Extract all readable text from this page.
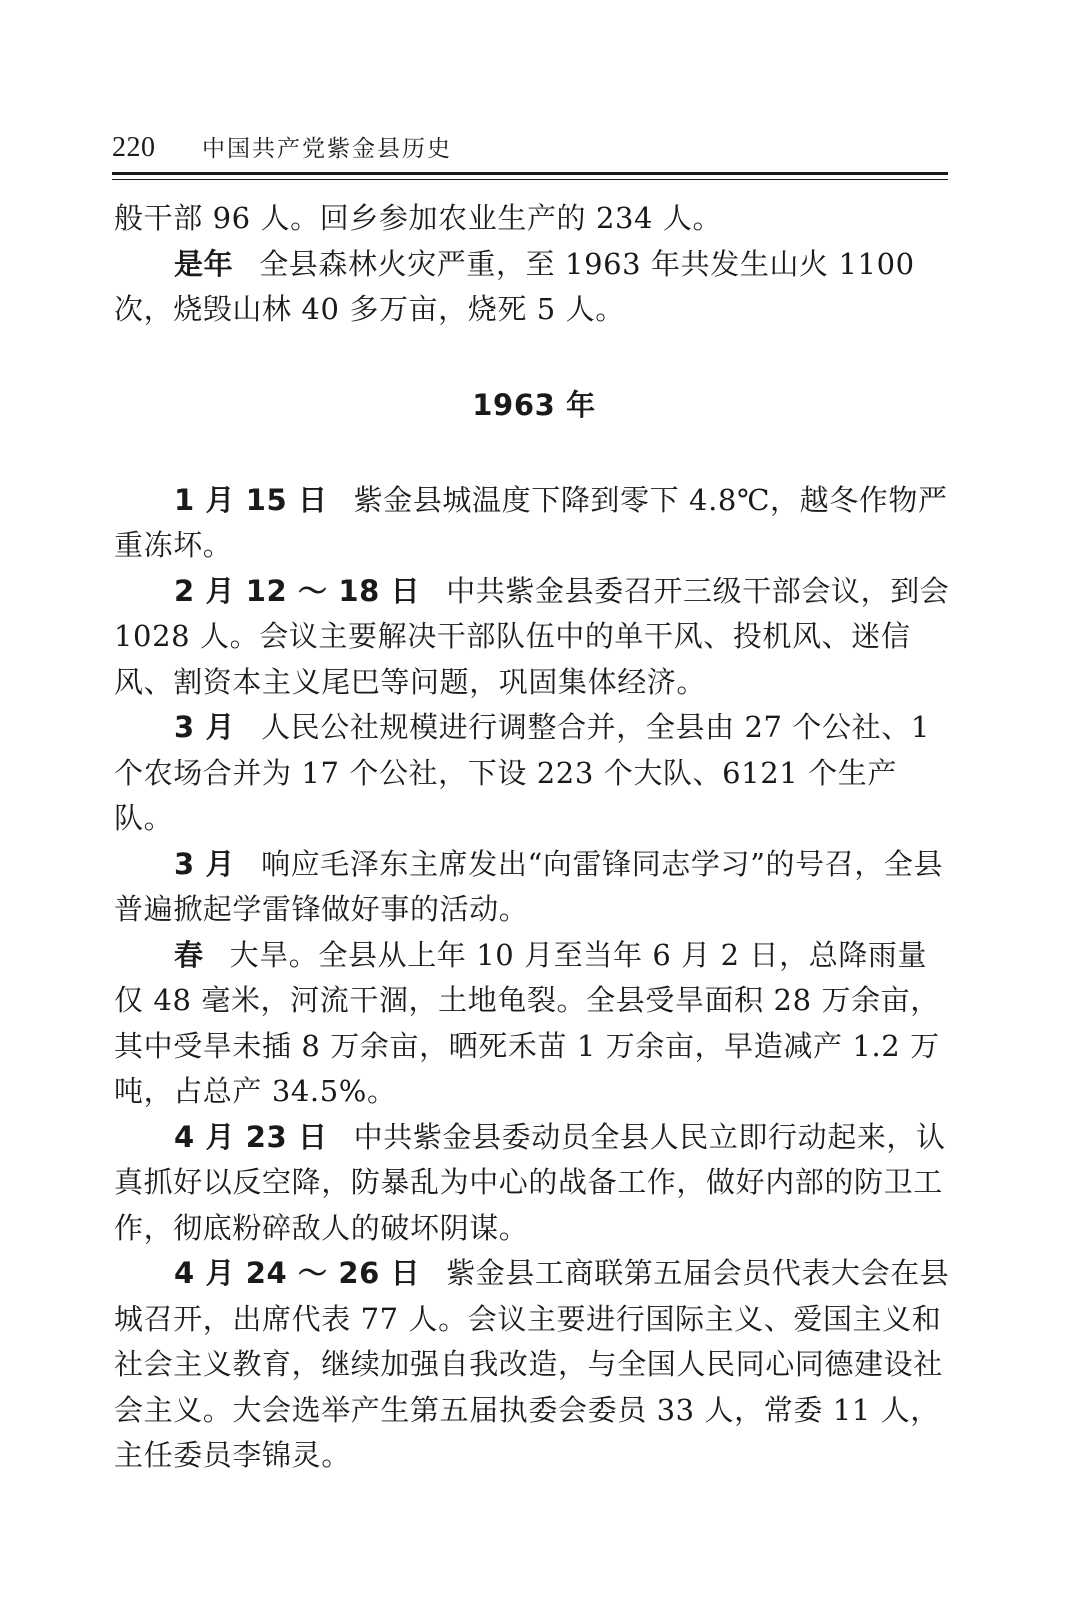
220 中国共产党紫金县历史

般干部 96 人。回乡参加农业生产的 234 人。

是年 全县森林火灾严重，至 1963 年共发生山火 1100 次，烧毁山林 40 多万亩，烧死 5 人。

1963 年

1 月 15 日 紫金县城温度下降到零下 4.8℃，越冬作物严重冻坏。

2 月 12 ～ 18 日 中共紫金县委召开三级干部会议，到会 1028 人。会议主要解决干部队伍中的单干风、投机风、迷信风、割资本主义尾巴等问题，巩固集体经济。

3 月 人民公社规模进行调整合并，全县由 27 个公社、1 个农场合并为 17 个公社，下设 223 个大队、6121 个生产队。

3 月 响应毛泽东主席发出“向雷锋同志学习”的号召，全县普遍掀起学雷锋做好事的活动。

春 大旱。全县从上年 10 月至当年 6 月 2 日，总降雨量仅 48 毫米，河流干涸，土地龟裂。全县受旱面积 28 万余亩，其中受旱未插 8 万余亩，晒死禾苗 1 万余亩，早造减产 1.2 万吨，占总产 34.5%。

4 月 23 日 中共紫金县委动员全县人民立即行动起来，认真抓好以反空降，防暴乱为中心的战备工作，做好内部的防卫工作，彻底粉碎敌人的破坏阴谋。

4 月 24 ～ 26 日 紫金县工商联第五届会员代表大会在县城召开，出席代表 77 人。会议主要进行国际主义、爱国主义和社会主义教育，继续加强自我改造，与全国人民同心同德建设社会主义。大会选举产生第五届执委会委员 33 人，常委 11 人，主任委员李锦灵。
